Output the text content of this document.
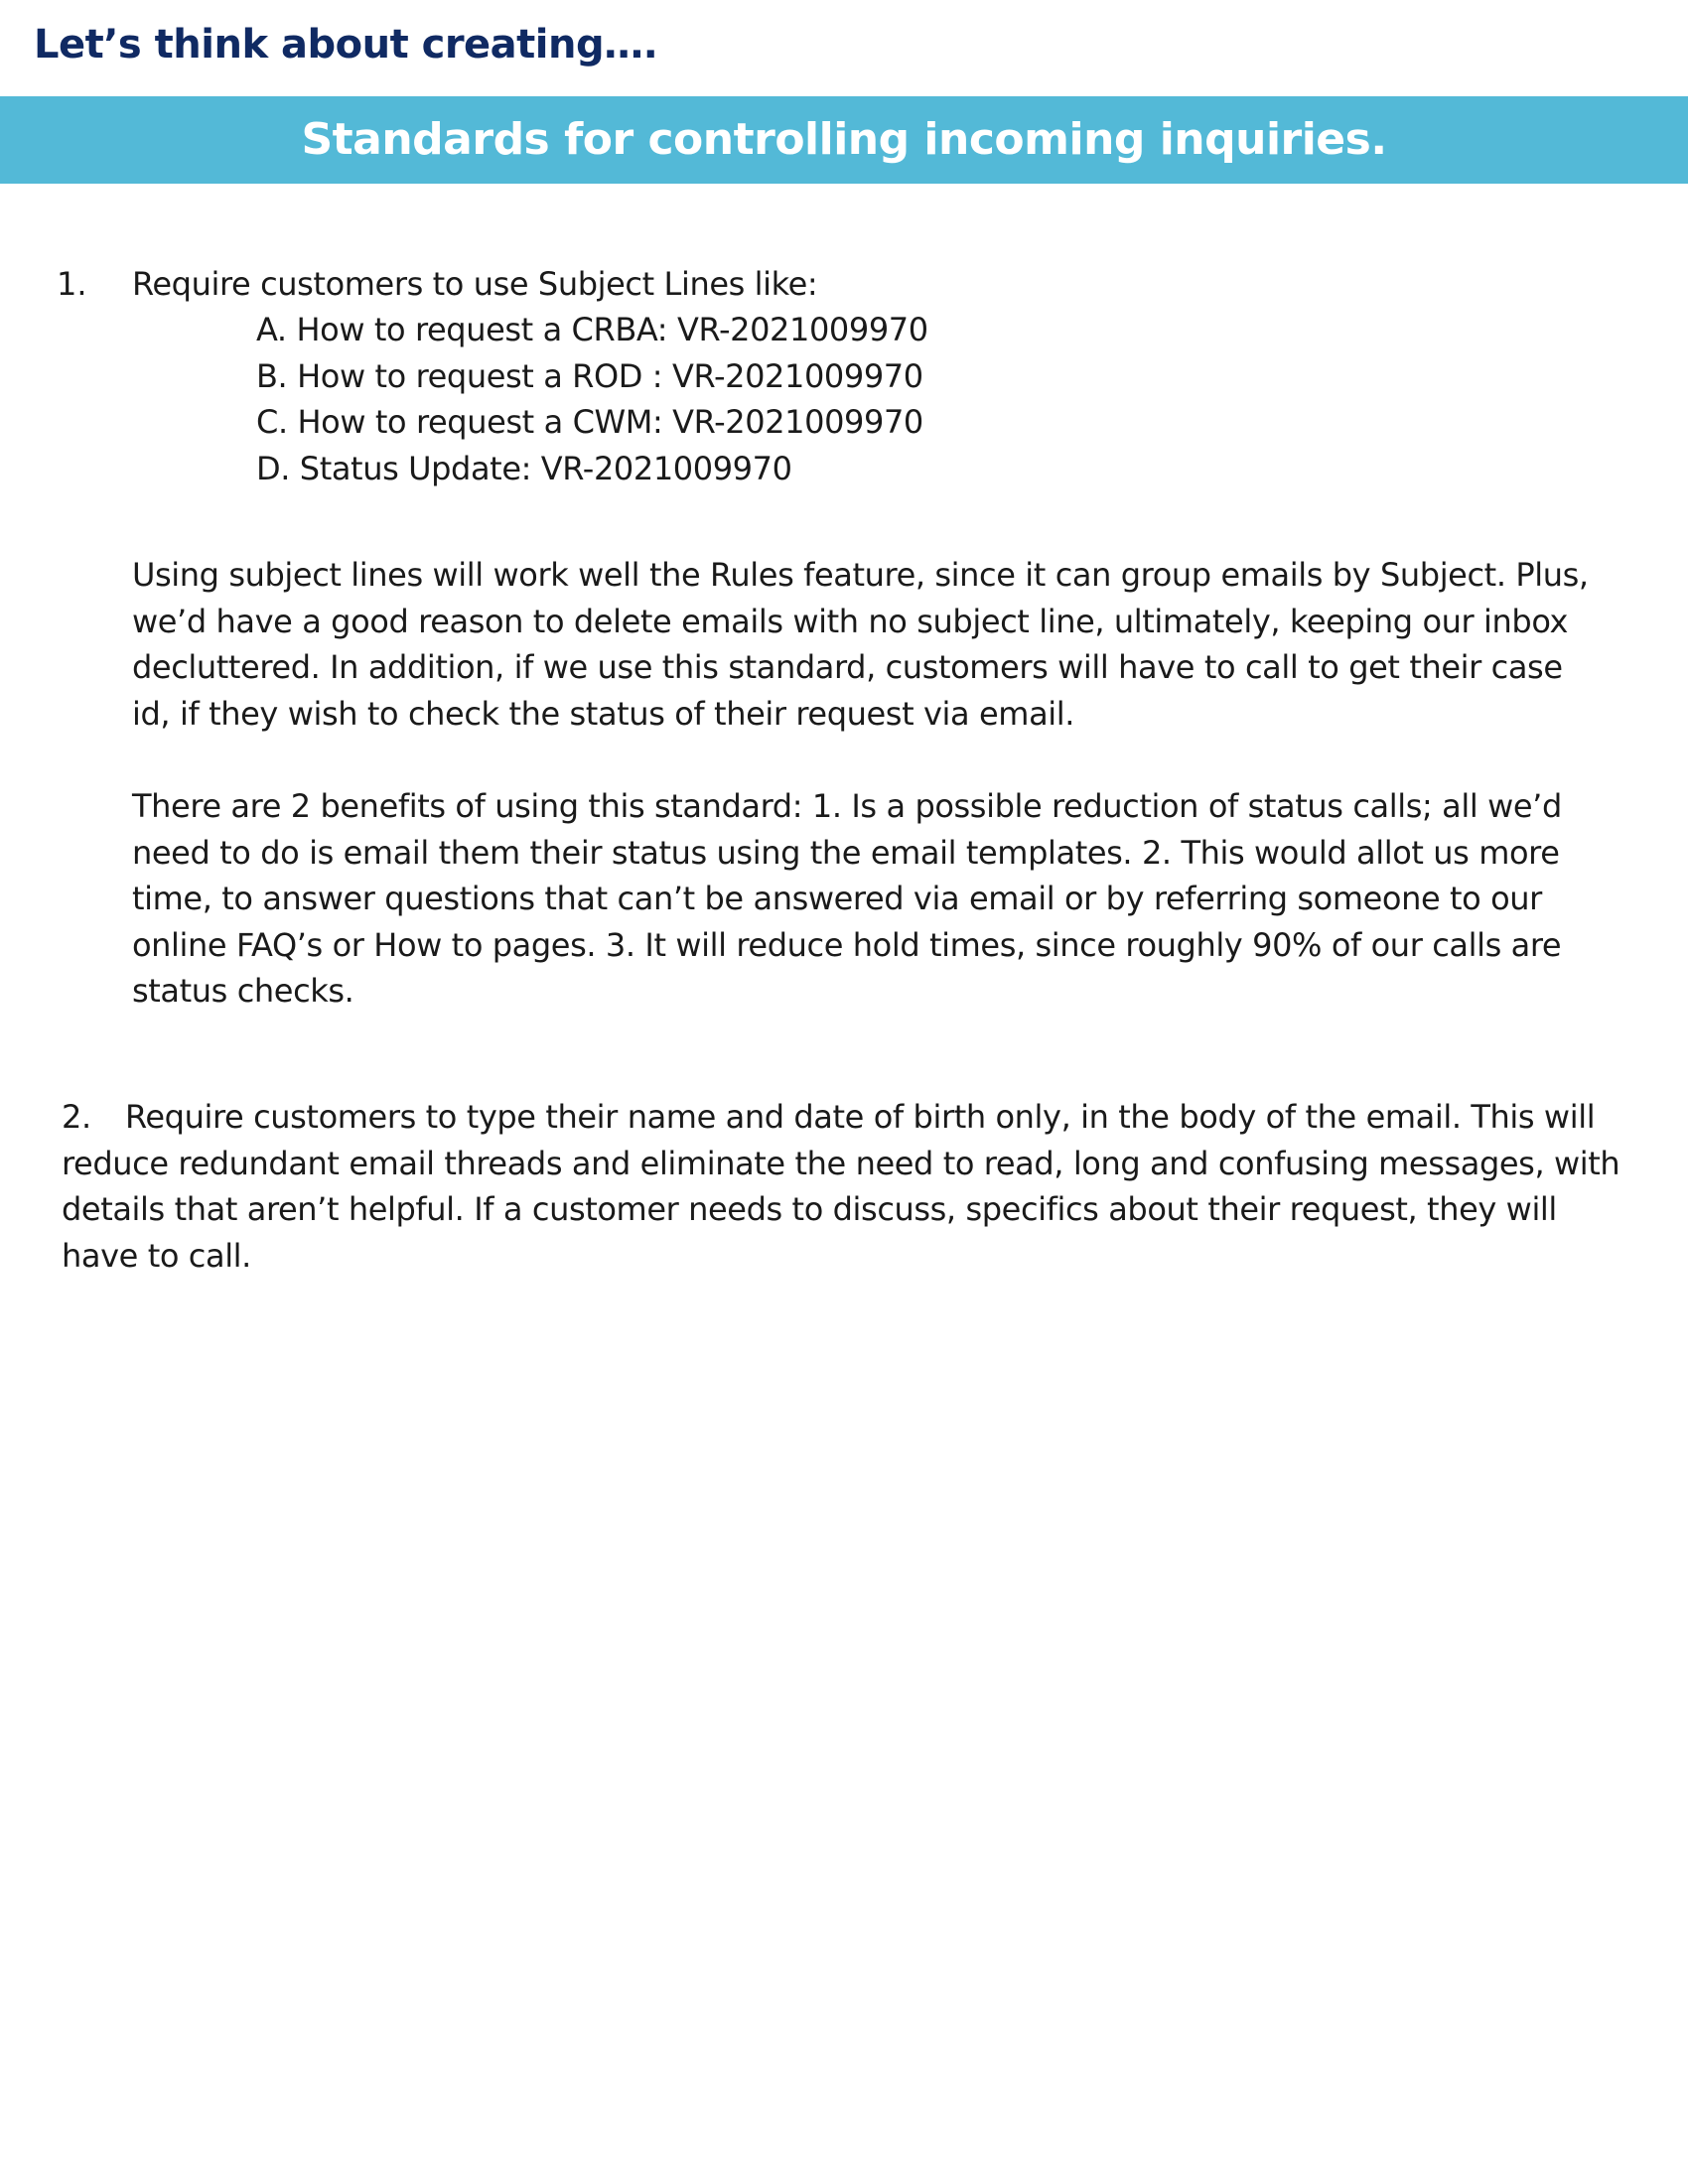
Let’s think about creating….
Standards for controlling incoming inquiries.
1. Require customers to use Subject Lines like:
A. How to request a CRBA: VR-2021009970
B. How to request a ROD : VR-2021009970
C. How to request a CWM: VR-2021009970
D. Status Update: VR-2021009970
Using subject lines will work well the Rules feature, since it can group emails by Subject. Plus, we’d have a good reason to delete emails with no subject line, ultimately, keeping our inbox decluttered. In addition, if we use this standard, customers will have to call to get their case id, if they wish to check the status of their request via email.
There are 2 benefits of using this standard: 1. Is a possible reduction of status calls; all we’d need to do is email them their status using the email templates. 2. This would allot us more time, to answer questions that can’t be answered via email or by referring someone to our online FAQ’s or How to pages. 3. It will reduce hold times, since roughly 90% of our calls are status checks.
2. Require customers to type their name and date of birth only, in the body of the email. This will reduce redundant email threads and eliminate the need to read, long and confusing messages, with details that aren’t helpful. If a customer needs to discuss, specifics about their request, they will have to call.
